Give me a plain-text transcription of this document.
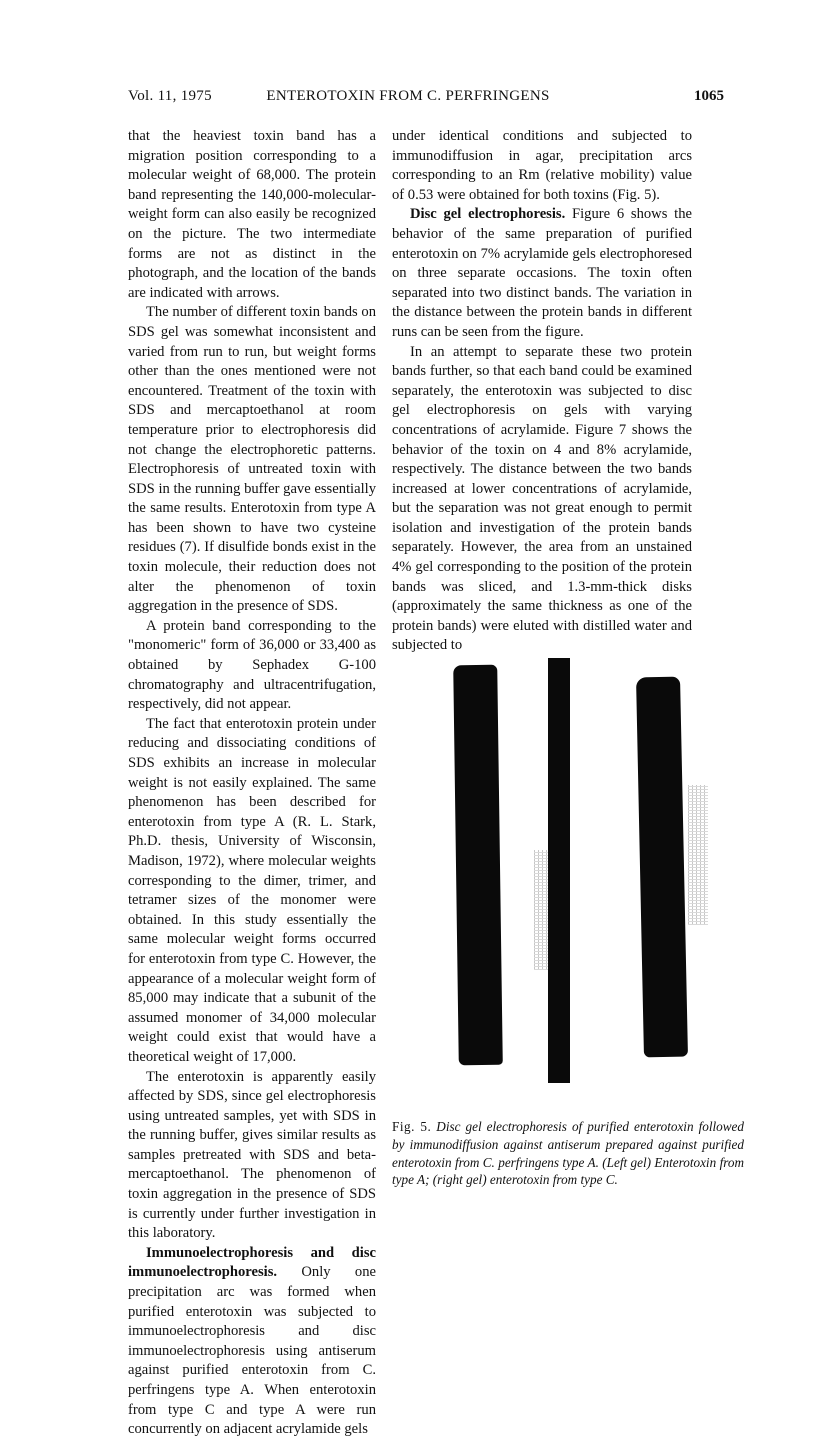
Vol. 11, 1975	ENTEROTOXIN FROM C. PERFRINGENS	1065

that the heaviest toxin band has a migration position corresponding to a molecular weight of 68,000. The protein band representing the 140,000-molecular-weight form can also easily be recognized on the picture. The two intermediate forms are not as distinct in the photograph, and the location of the bands are indicated with arrows.

The number of different toxin bands on SDS gel was somewhat inconsistent and varied from run to run, but weight forms other than the ones mentioned were not encountered. Treatment of the toxin with SDS and mercaptoethanol at room temperature prior to electrophoresis did not change the electrophoretic patterns. Electrophoresis of untreated toxin with SDS in the running buffer gave essentially the same results. Enterotoxin from type A has been shown to have two cysteine residues (7). If disulfide bonds exist in the toxin molecule, their reduction does not alter the phenomenon of toxin aggregation in the presence of SDS.

A protein band corresponding to the "monomeric" form of 36,000 or 33,400 as obtained by Sephadex G-100 chromatography and ultracentrifugation, respectively, did not appear.

The fact that enterotoxin protein under reducing and dissociating conditions of SDS exhibits an increase in molecular weight is not easily explained. The same phenomenon has been described for enterotoxin from type A (R. L. Stark, Ph.D. thesis, University of Wisconsin, Madison, 1972), where molecular weights corresponding to the dimer, trimer, and tetramer sizes of the monomer were obtained. In this study essentially the same molecular weight forms occurred for enterotoxin from type C. However, the appearance of a molecular weight form of 85,000 may indicate that a subunit of the assumed monomer of 34,000 molecular weight could exist that would have a theoretical weight of 17,000.

The enterotoxin is apparently easily affected by SDS, since gel electrophoresis using untreated samples, yet with SDS in the running buffer, gives similar results as samples pretreated with SDS and beta-mercaptoethanol. The phenomenon of toxin aggregation in the presence of SDS is currently under further investigation in this laboratory.

Immunoelectrophoresis and disc immunoelectrophoresis. Only one precipitation arc was formed when purified enterotoxin was subjected to immunoelectrophoresis and disc immunoelectrophoresis using antiserum against purified enterotoxin from C. perfringens type A. When enterotoxin from type C and type A were run concurrently on adjacent acrylamide gels

under identical conditions and subjected to immunodiffusion in agar, precipitation arcs corresponding to an Rm (relative mobility) value of 0.53 were obtained for both toxins (Fig. 5).

Disc gel electrophoresis. Figure 6 shows the behavior of the same preparation of purified enterotoxin on 7% acrylamide gels electrophoresed on three separate occasions. The toxin often separated into two distinct bands. The variation in the distance between the protein bands in different runs can be seen from the figure.

In an attempt to separate these two protein bands further, so that each band could be examined separately, the enterotoxin was subjected to disc gel electrophoresis on gels with varying concentrations of acrylamide. Figure 7 shows the behavior of the toxin on 4 and 8% acrylamide, respectively. The distance between the two bands increased at lower concentrations of acrylamide, but the separation was not great enough to permit isolation and investigation of the protein bands separately. However, the area from an unstained 4% gel corresponding to the position of the protein bands was sliced, and 1.3-mm-thick disks (approximately the same thickness as one of the protein bands) were eluted with distilled water and subjected to

Fig. 5. Disc gel electrophoresis of purified enterotoxin followed by immunodiffusion against antiserum prepared against purified enterotoxin from C. perfringens type A. (Left gel) Enterotoxin from type A; (right gel) enterotoxin from type C.
